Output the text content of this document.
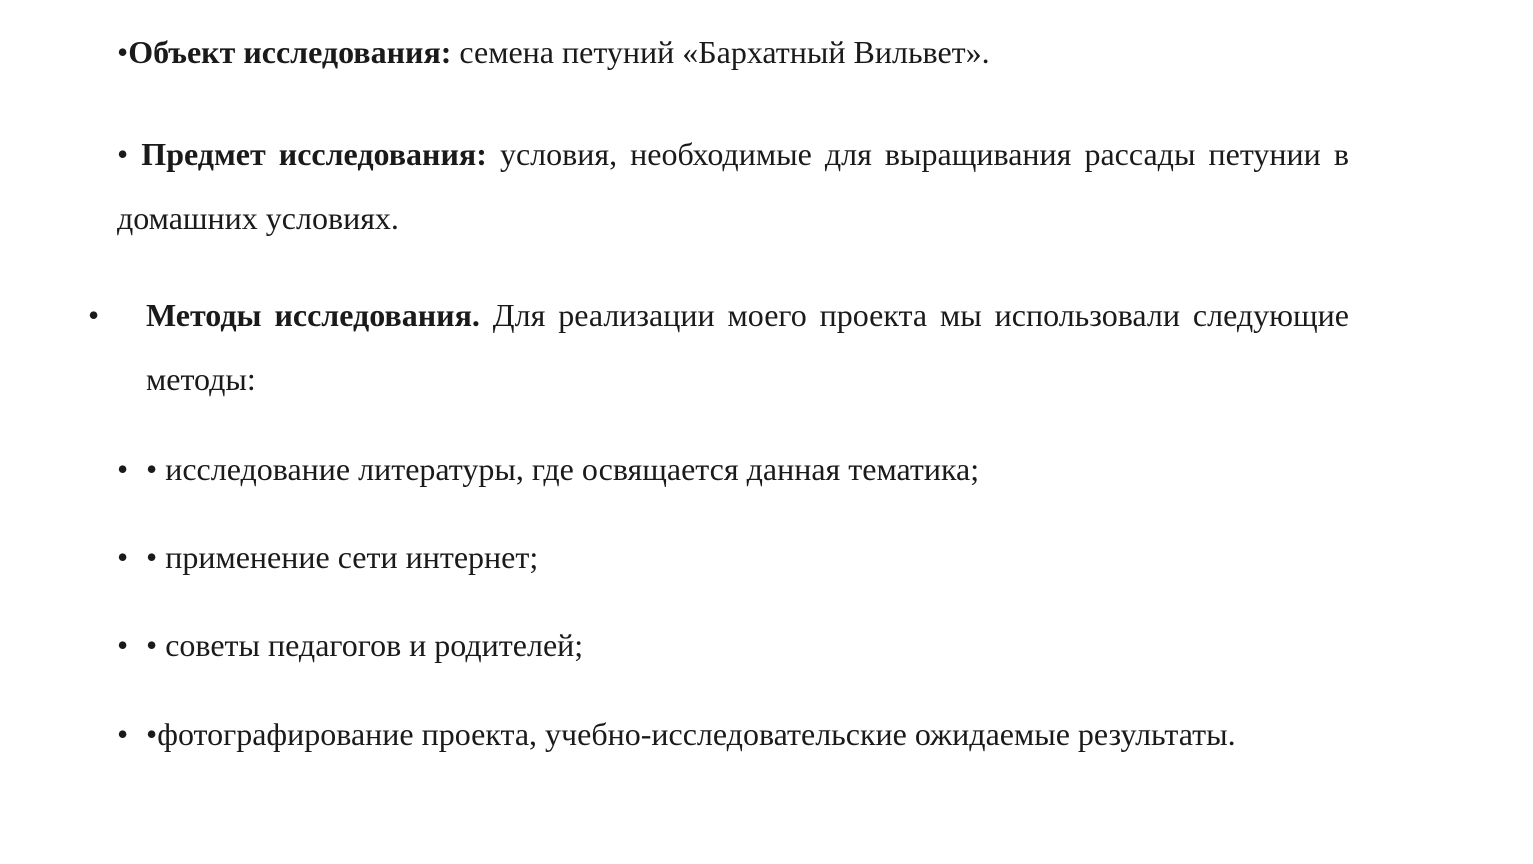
•Объект исследования: семена петуний «Бархатный Вильвет».

• Предмет исследования: условия, необходимые для выращивания рассады петунии в домашних условиях.

• Методы исследования. Для реализации моего проекта мы использовали следующие методы:

• • исследование литературы, где освящается данная тематика;

• • применение сети интернет;

• • советы педагогов и родителей;

• •фотографирование проекта, учебно-исследовательские ожидаемые результаты.
